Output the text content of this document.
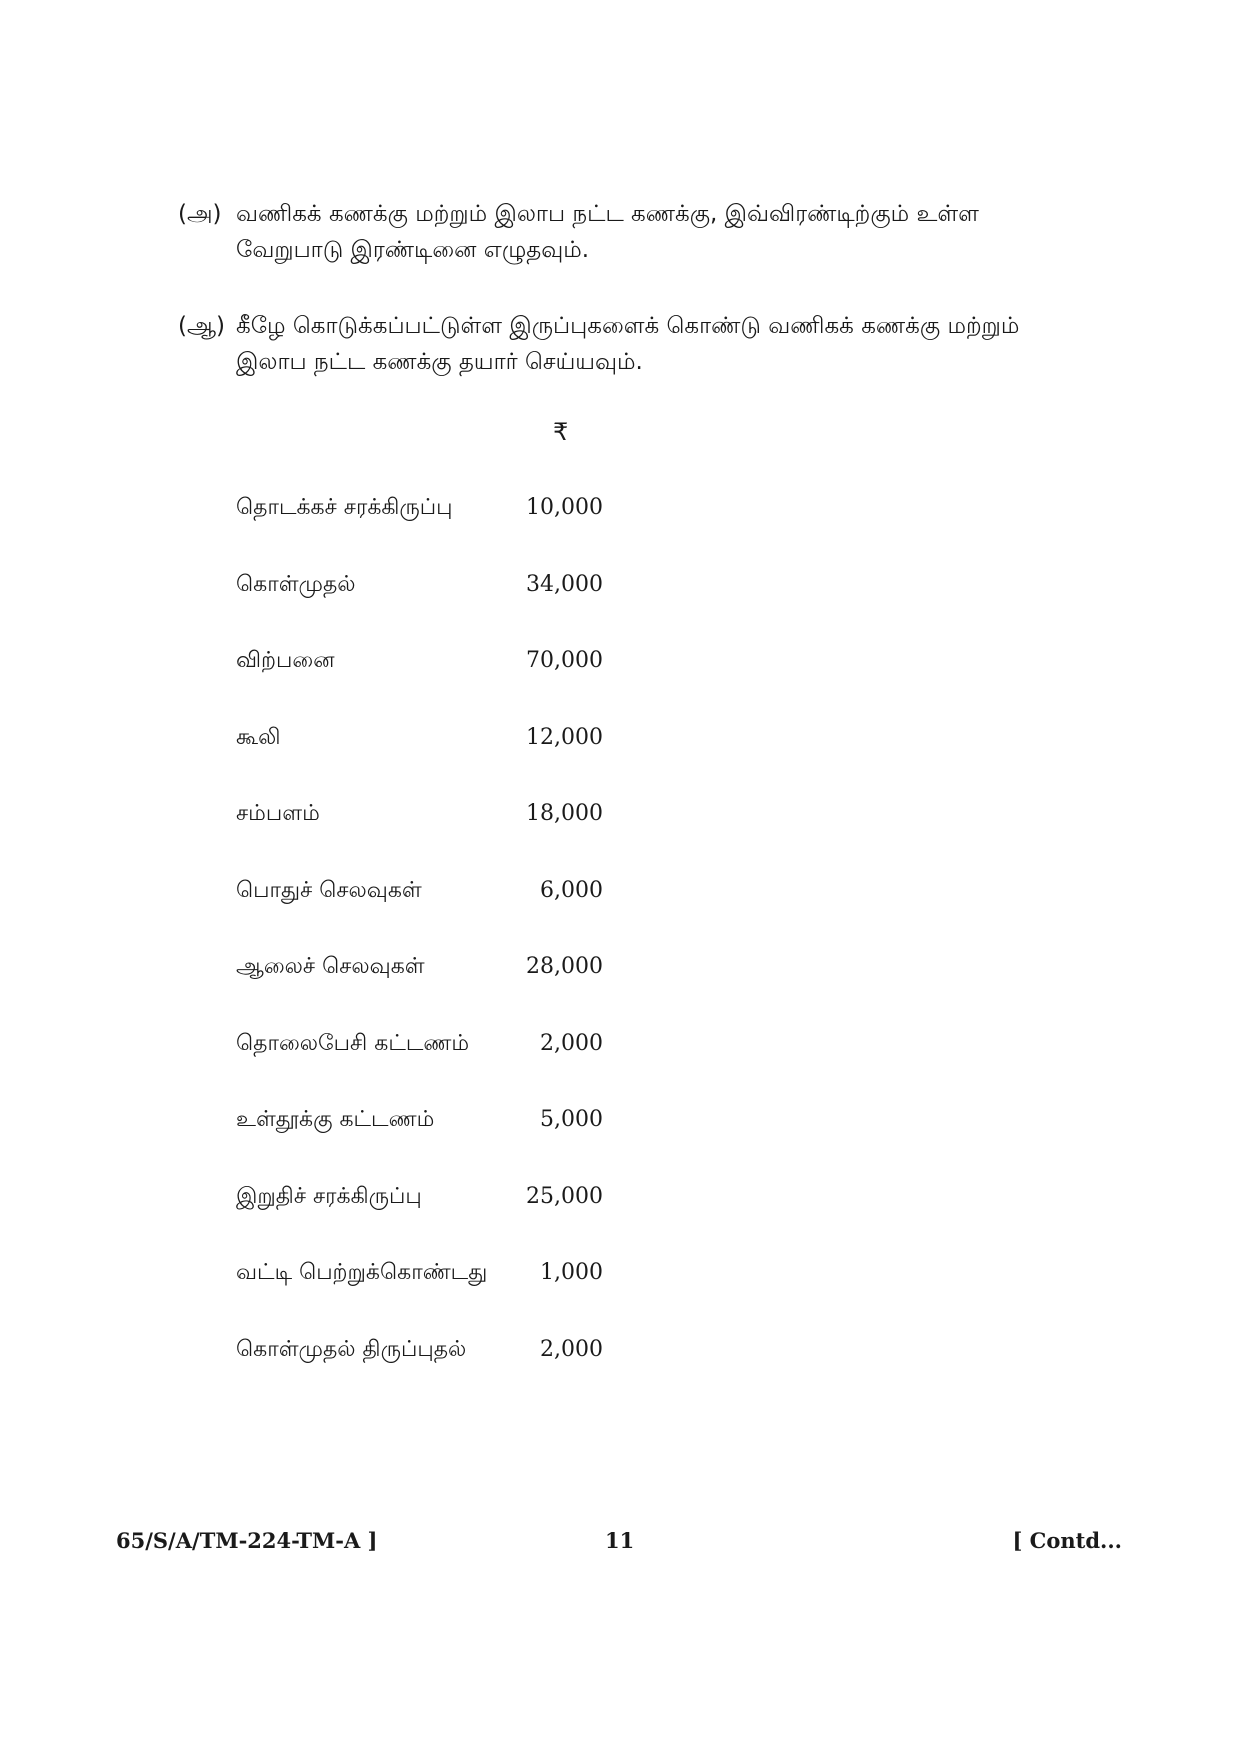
(அ) வணிகக் கணக்கு மற்றும் இலாப நட்ட கணக்கு, இவ்விரண்டிற்கும் உள்ள
வேறுபாடு இரண்டினை எழுதவும்.
(ஆ) கீழே கொடுக்கப்பட்டுள்ள இருப்புகளைக் கொண்டு வணிகக் கணக்கு மற்றும்
இலாப நட்ட கணக்கு தயார் செய்யவும்.
₹
தொடக்கச் சரக்கிருப்பு	10,000
கொள்முதல்	34,000
விற்பனை	70,000
கூலி	12,000
சம்பளம்	18,000
பொதுச் செலவுகள்	6,000
ஆலைச் செலவுகள்	28,000
தொலைபேசி கட்டணம்	2,000
உள்தூக்கு கட்டணம்	5,000
இறுதிச் சரக்கிருப்பு	25,000
வட்டி பெற்றுக்கொண்டது 1,000
கொள்முதல் திருப்புதல்	2,000
65/S/A/TM-224-TM-A ]	11	[ Contd...
